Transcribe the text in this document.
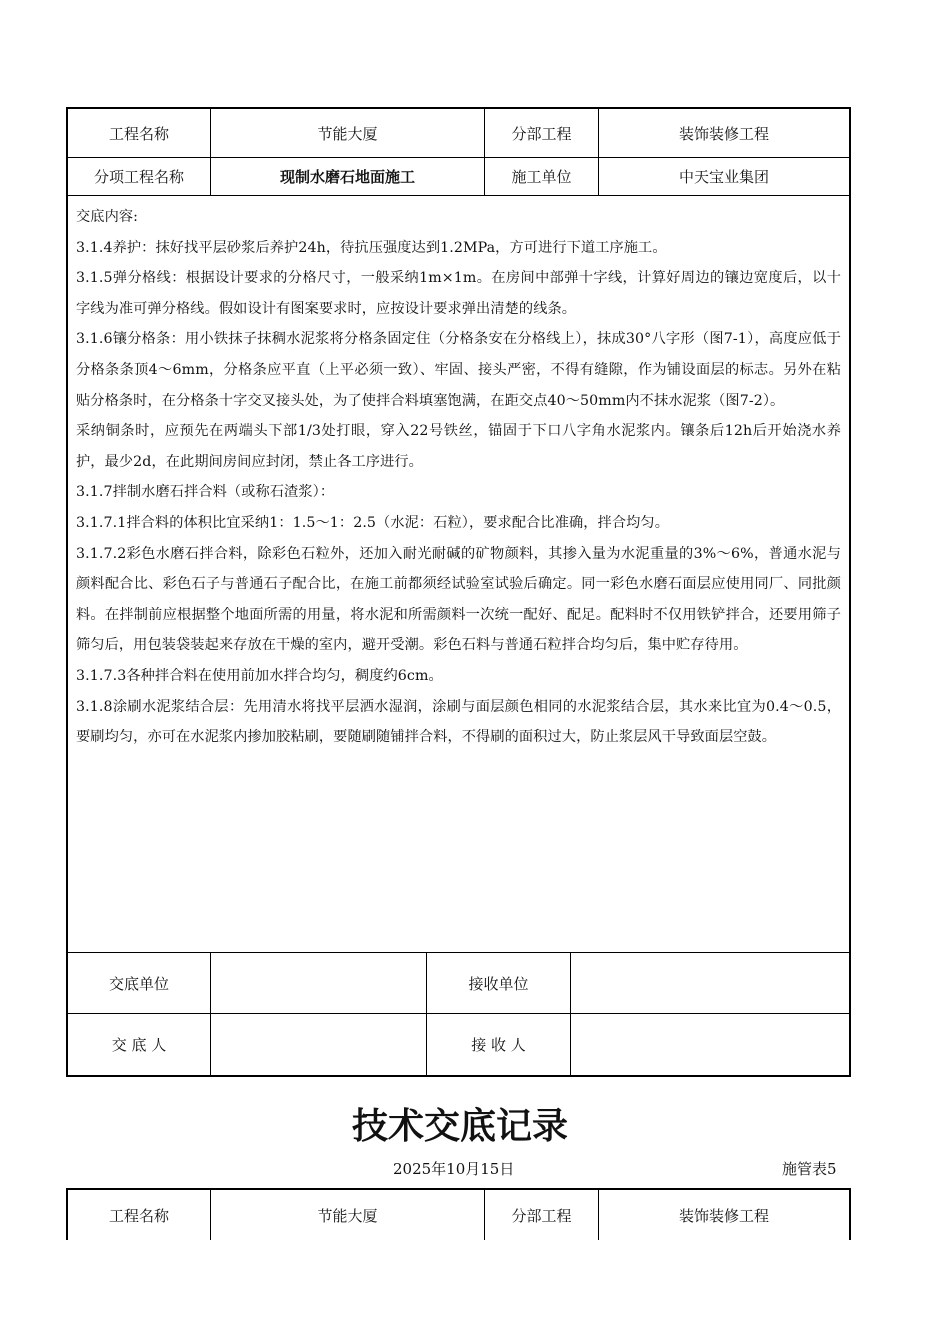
工程名称	节能大厦	分部工程	装饰装修工程
分项工程名称	现制水磨石地面施工	施工单位	中天宝业集团

交底内容:

3.1.4养护：抹好找平层砂浆后养护24h，待抗压强度达到1.2MPa，方可进行下道工序施工。

3.1.5弹分格线：根据设计要求的分格尺寸，一般采纳1m×1m。在房间中部弹十字线，计算好周边的镶边宽度后，以十字线为准可弹分格线。假如设计有图案要求时，应按设计要求弹出清楚的线条。

3.1.6镶分格条：用小铁抹子抹稠水泥浆将分格条固定住（分格条安在分格线上），抹成30°八字形（图7-1），高度应低于分格条条顶4～6mm，分格条应平直（上平必须一致）、牢固、接头严密，不得有缝隙，作为铺设面层的标志。另外在粘贴分格条时，在分格条十字交叉接头处，为了使拌合料填塞饱满，在距交点40～50mm内不抹水泥浆（图7-2）。

采纳铜条时，应预先在两端头下部1/3处打眼，穿入22号铁丝，锚固于下口八字角水泥浆内。镶条后12h后开始浇水养护，最少2d，在此期间房间应封闭，禁止各工序进行。

3.1.7拌制水磨石拌合料（或称石渣浆）：

3.1.7.1拌合料的体积比宜采纳1：1.5～1：2.5（水泥：石粒），要求配合比准确，拌合均匀。

3.1.7.2彩色水磨石拌合料，除彩色石粒外，还加入耐光耐碱的矿物颜料，其掺入量为水泥重量的3%～6%，普通水泥与颜料配合比、彩色石子与普通石子配合比，在施工前都须经试验室试验后确定。同一彩色水磨石面层应使用同厂、同批颜料。在拌制前应根据整个地面所需的用量，将水泥和所需颜料一次统一配好、配足。配料时不仅用铁铲拌合，还要用筛子筛匀后，用包装袋装起来存放在干燥的室内，避开受潮。彩色石料与普通石粒拌合均匀后，集中贮存待用。

3.1.7.3各种拌合料在使用前加水拌合均匀，稠度约6cm。

3.1.8涂刷水泥浆结合层：先用清水将找平层洒水湿润，涂刷与面层颜色相同的水泥浆结合层，其水来比宜为0.4～0.5，要刷均匀，亦可在水泥浆内掺加胶粘刷，要随刷随铺拌合料，不得刷的面积过大，防止浆层风干导致面层空鼓。

交底单位	接收单位
交 底 人	接 收 人
技术交底记录
2025年10月15日	施管表5
工程名称	节能大厦	分部工程	装饰装修工程
